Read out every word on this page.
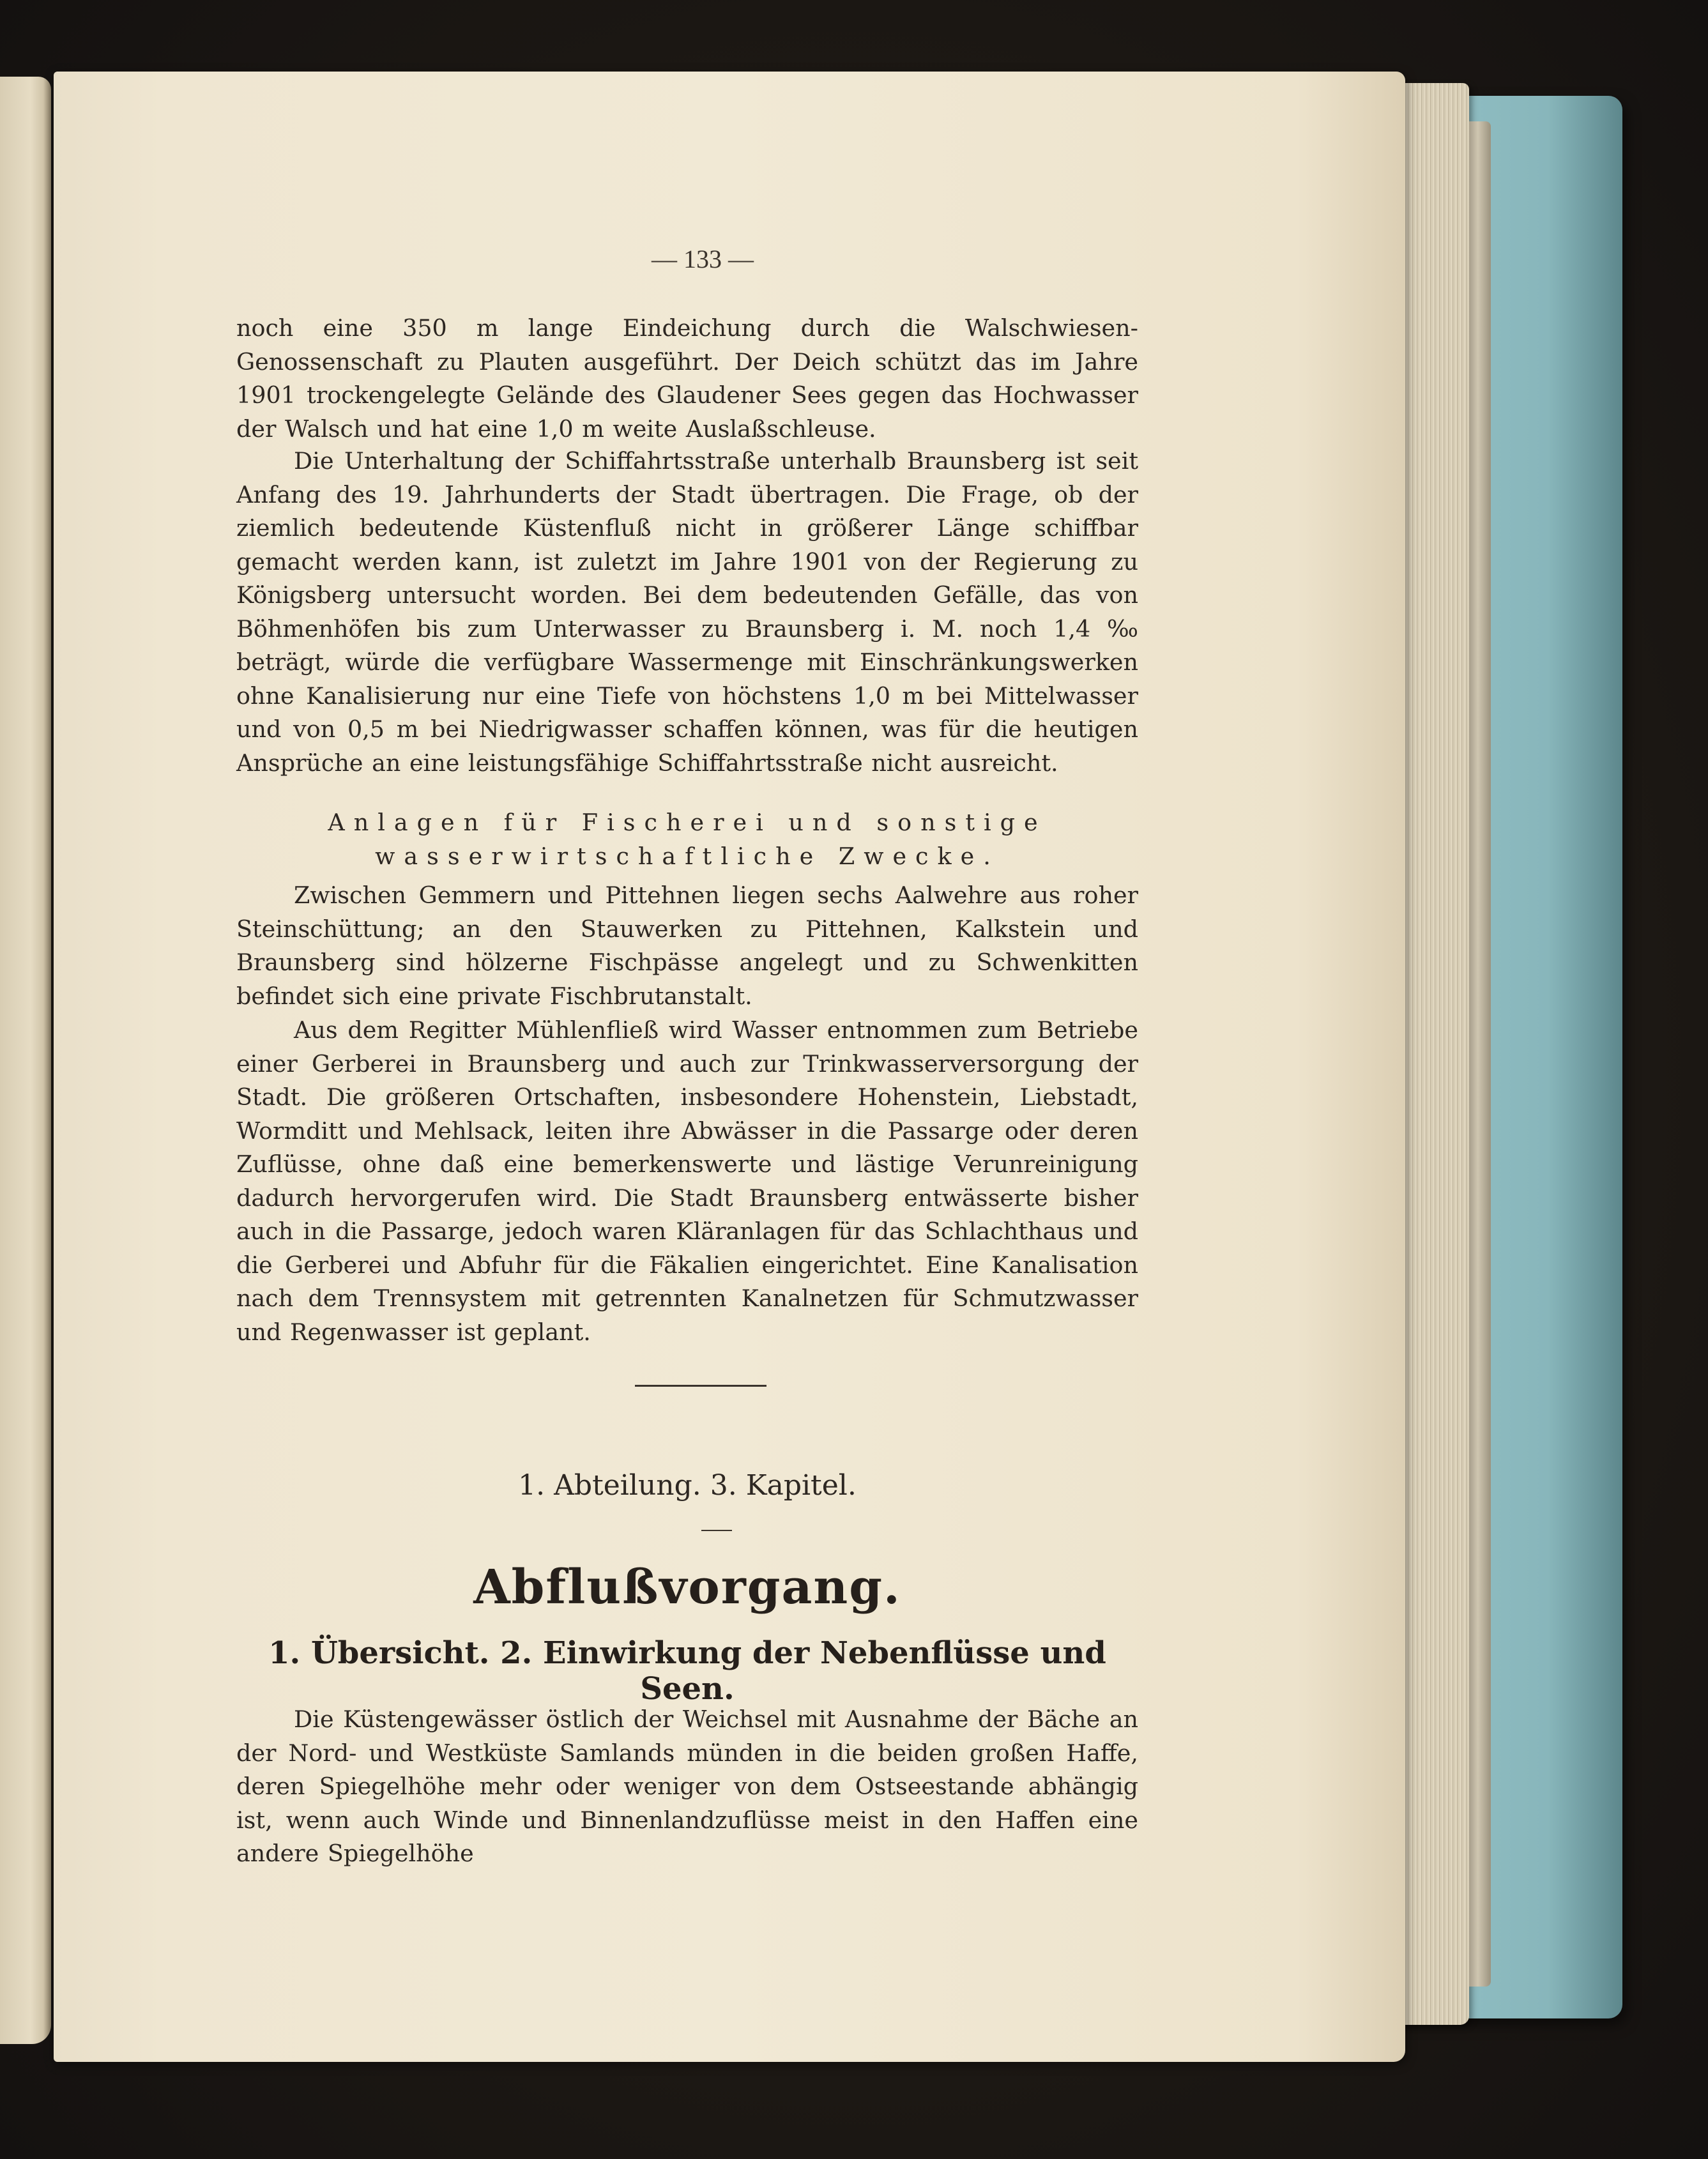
— 133 —

noch eine 350 m lange Eindeichung durch die Walschwiesen-Genossenschaft zu Plauten ausgeführt. Der Deich schützt das im Jahre 1901 trockengelegte Gelände des Glaudener Sees gegen das Hochwasser der Walsch und hat eine 1,0 m weite Auslaßschleuse.

Die Unterhaltung der Schiffahrtsstraße unterhalb Braunsberg ist seit Anfang des 19. Jahrhunderts der Stadt übertragen. Die Frage, ob der ziemlich bedeutende Küstenfluß nicht in größerer Länge schiffbar gemacht werden kann, ist zuletzt im Jahre 1901 von der Regierung zu Königsberg untersucht worden. Bei dem bedeutenden Gefälle, das von Böhmenhöfen bis zum Unterwasser zu Braunsberg i. M. noch 1,4 ‰ beträgt, würde die verfügbare Wassermenge mit Einschränkungswerken ohne Kanalisierung nur eine Tiefe von höchstens 1,0 m bei Mittelwasser und von 0,5 m bei Niedrigwasser schaffen können, was für die heutigen Ansprüche an eine leistungsfähige Schiffahrtsstraße nicht ausreicht.

Anlagen für Fischerei und sonstige wasserwirtschaftliche Zwecke.

Zwischen Gemmern und Pittehnen liegen sechs Aalwehre aus roher Steinschüttung; an den Stauwerken zu Pittehnen, Kalkstein und Braunsberg sind hölzerne Fischpässe angelegt und zu Schwenkitten befindet sich eine private Fischbrutanstalt.

Aus dem Regitter Mühlenfließ wird Wasser entnommen zum Betriebe einer Gerberei in Braunsberg und auch zur Trinkwasserversorgung der Stadt. Die größeren Ortschaften, insbesondere Hohenstein, Liebstadt, Wormditt und Mehlsack, leiten ihre Abwässer in die Passarge oder deren Zuflüsse, ohne daß eine bemerkenswerte und lästige Verunreinigung dadurch hervorgerufen wird. Die Stadt Braunsberg entwässerte bisher auch in die Passarge, jedoch waren Kläranlagen für das Schlachthaus und die Gerberei und Abfuhr für die Fäkalien eingerichtet. Eine Kanalisation nach dem Trennsystem mit getrennten Kanalnetzen für Schmutzwasser und Regenwasser ist geplant.

1. Abteilung. 3. Kapitel.
Abflußvorgang.
1. Übersicht. 2. Einwirkung der Nebenflüsse und Seen.

Die Küstengewässer östlich der Weichsel mit Ausnahme der Bäche an der Nord- und Westküste Samlands münden in die beiden großen Haffe, deren Spiegelhöhe mehr oder weniger von dem Ostseestande abhängig ist, wenn auch Winde und Binnenlandzuflüsse meist in den Haffen eine andere Spiegelhöhe
